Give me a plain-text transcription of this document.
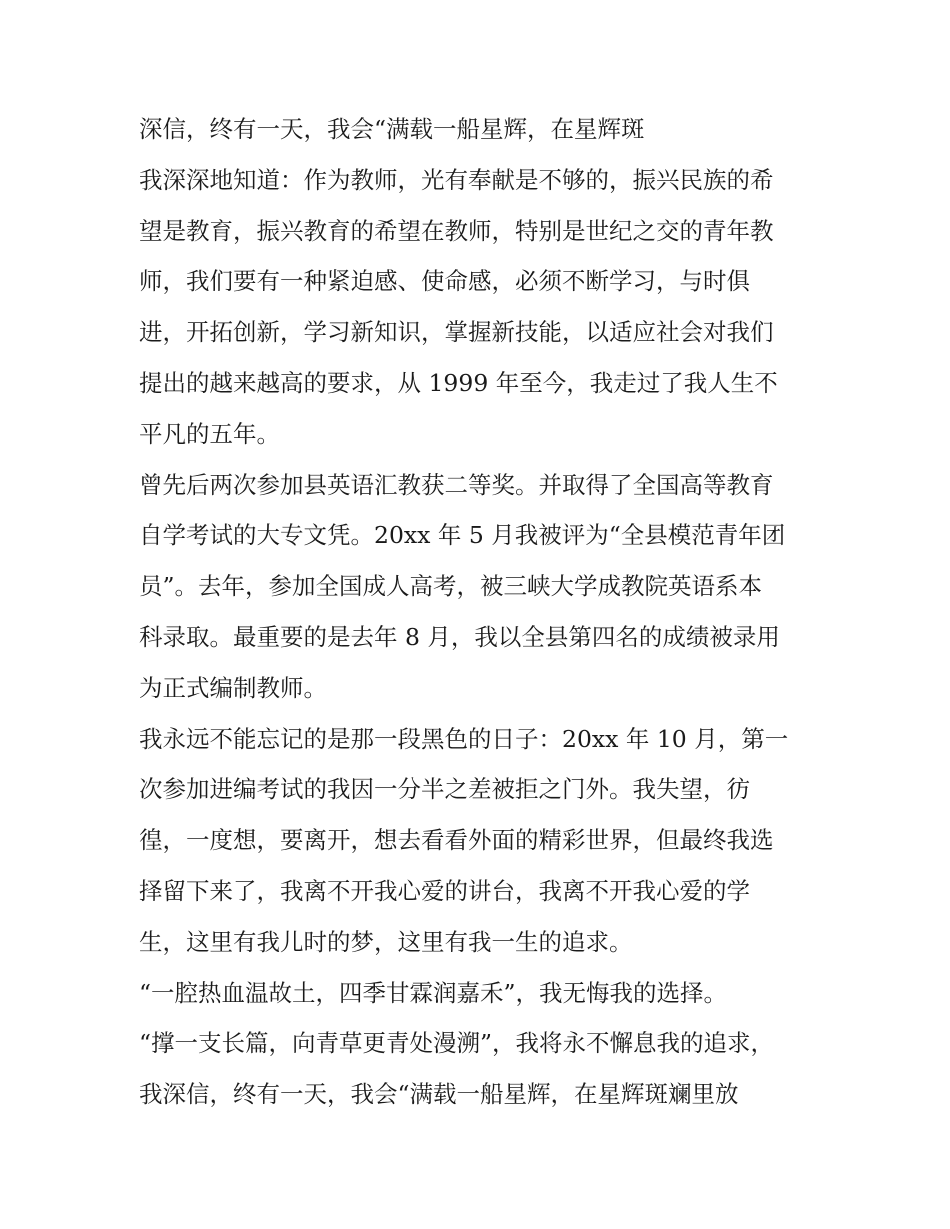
深信，终有一天，我会“满载一船星辉，在星辉斑
我深深地知道：作为教师，光有奉献是不够的，振兴民族的希
望是教育，振兴教育的希望在教师，特别是世纪之交的青年教
师，我们要有一种紧迫感、使命感，必须不断学习，与时俱
进，开拓创新，学习新知识，掌握新技能，以适应社会对我们
提出的越来越高的要求，从 1999 年至今，我走过了我人生不
平凡的五年。
曾先后两次参加县英语汇教获二等奖。并取得了全国高等教育
自学考试的大专文凭。20xx 年 5 月我被评为“全县模范青年团
员”。去年，参加全国成人高考，被三峡大学成教院英语系本
科录取。最重要的是去年 8 月，我以全县第四名的成绩被录用
为正式编制教师。
我永远不能忘记的是那一段黑色的日子：20xx 年 10 月，第一
次参加进编考试的我因一分半之差被拒之门外。我失望，彷
徨，一度想，要离开，想去看看外面的精彩世界，但最终我选
择留下来了，我离不开我心爱的讲台，我离不开我心爱的学
生，这里有我儿时的梦，这里有我一生的追求。
“一腔热血温故土，四季甘霖润嘉禾”，我无悔我的选择。
“撑一支长篇，向青草更青处漫溯”，我将永不懈息我的追求，
我深信，终有一天，我会“满载一船星辉，在星辉斑斓里放
